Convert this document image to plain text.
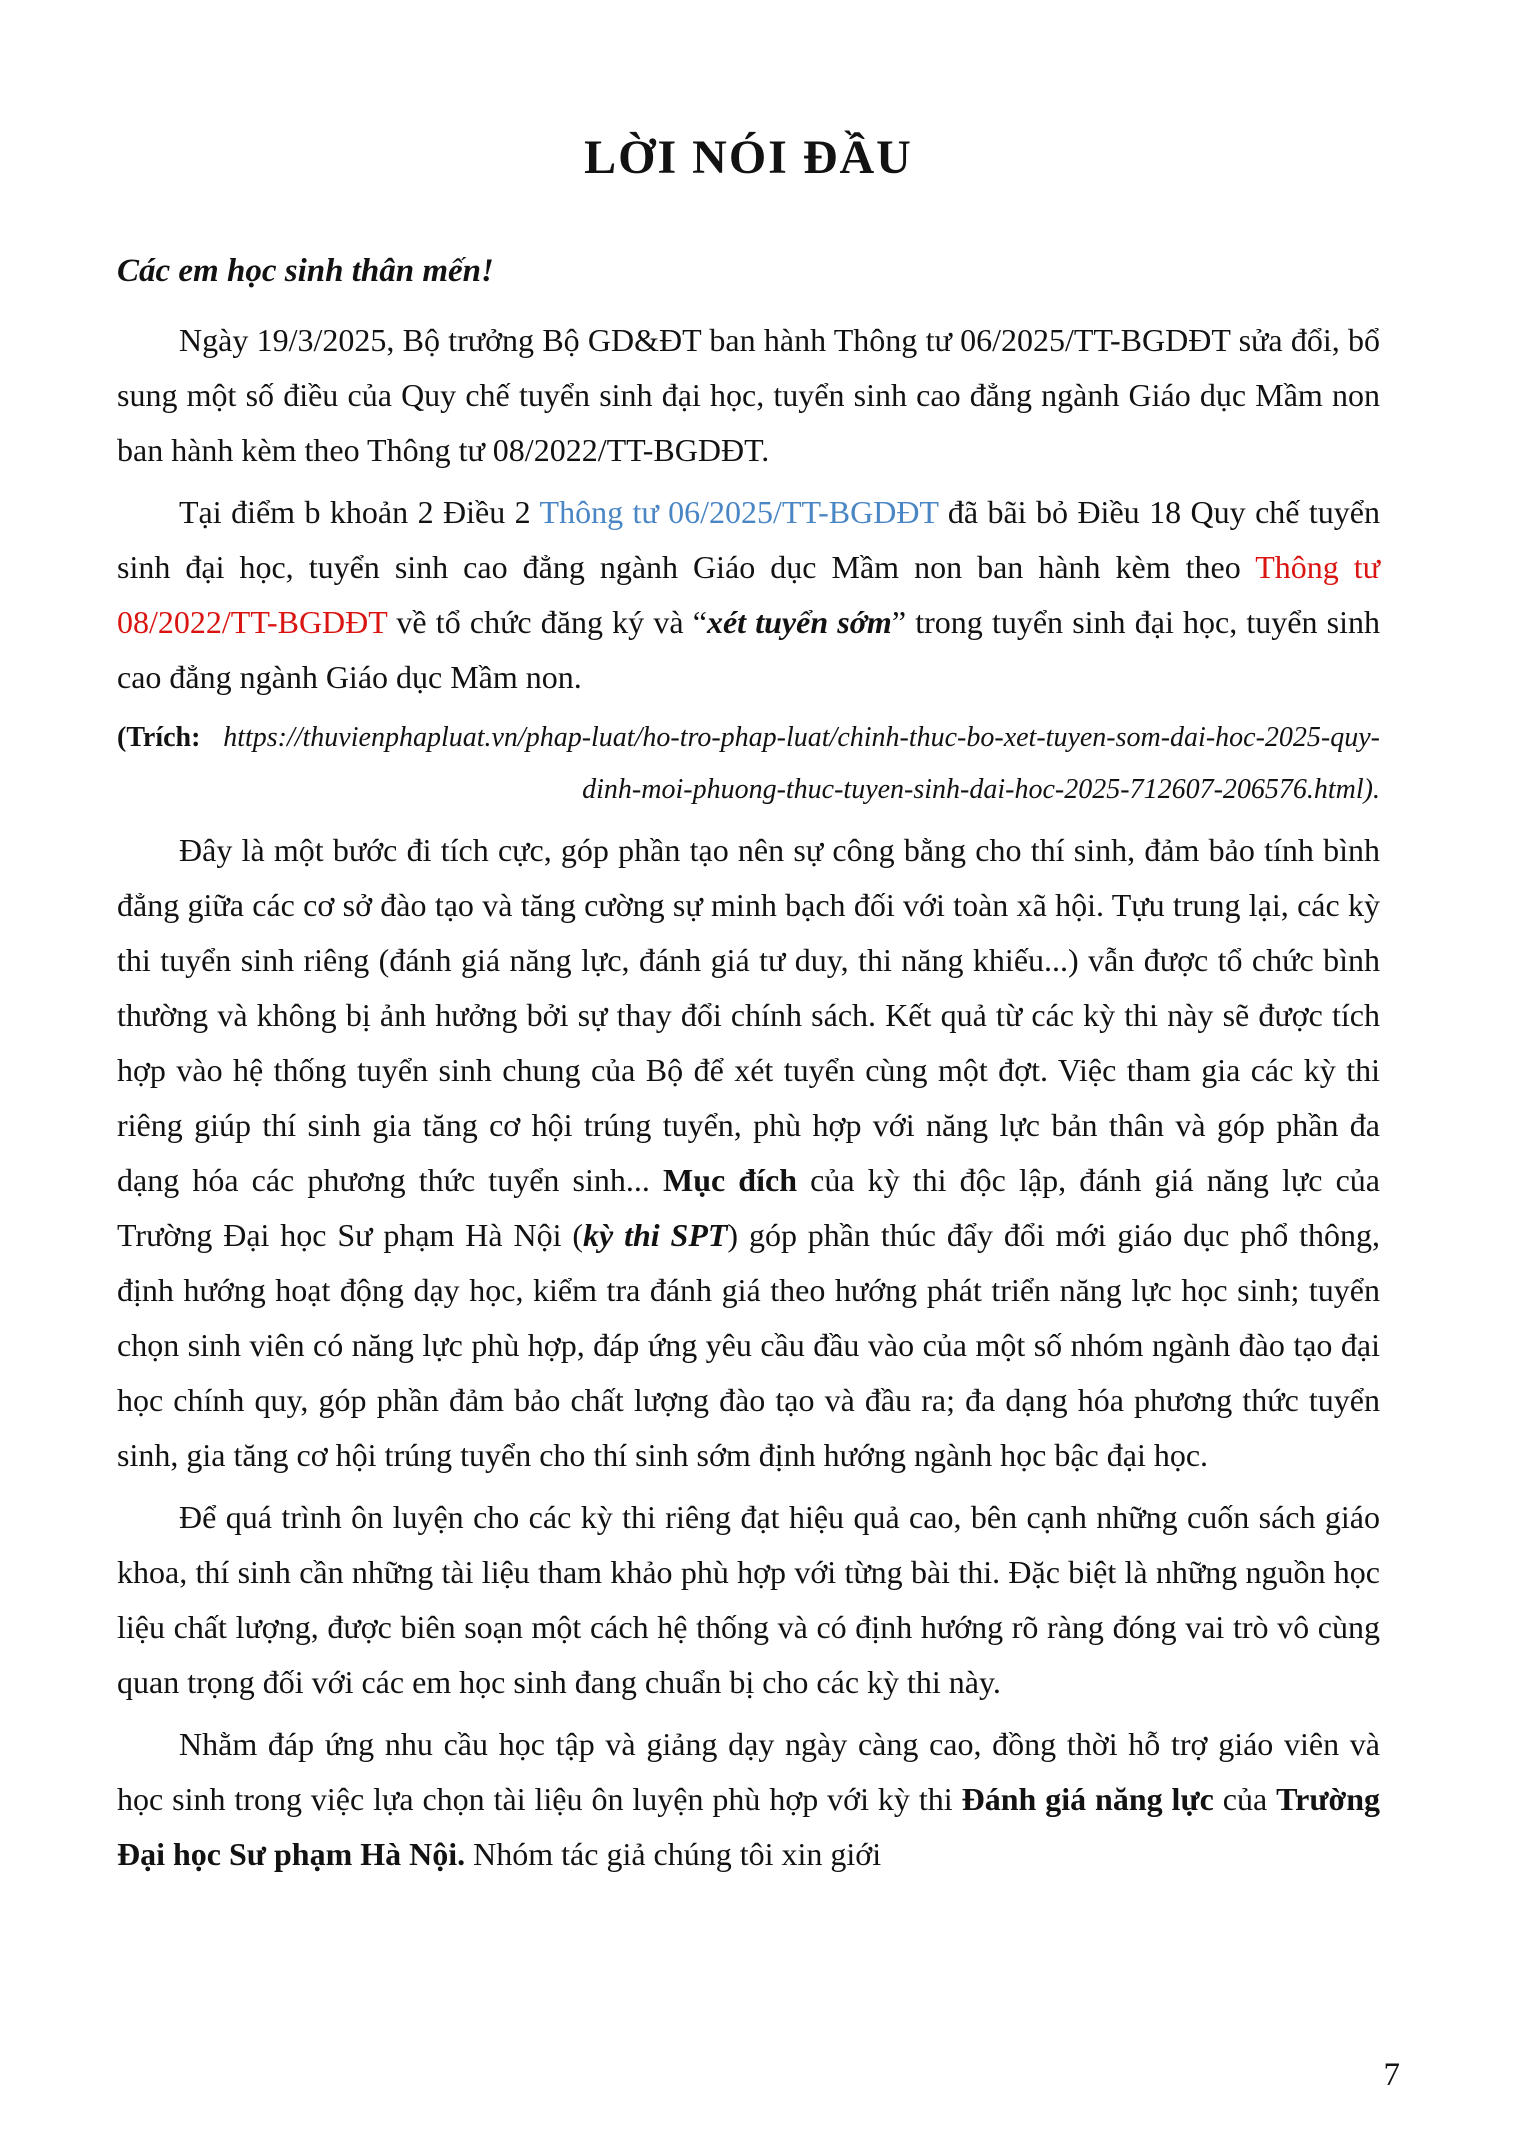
LỜI NÓI ĐẦU

Các em học sinh thân mến!

Ngày 19/3/2025, Bộ trưởng Bộ GD&ĐT ban hành Thông tư 06/2025/TT-BGDĐT sửa đổi, bổ sung một số điều của Quy chế tuyển sinh đại học, tuyển sinh cao đẳng ngành Giáo dục Mầm non ban hành kèm theo Thông tư 08/2022/TT-BGDĐT.

Tại điểm b khoản 2 Điều 2 Thông tư 06/2025/TT-BGDĐT đã bãi bỏ Điều 18 Quy chế tuyển sinh đại học, tuyển sinh cao đẳng ngành Giáo dục Mầm non ban hành kèm theo Thông tư 08/2022/TT-BGDĐT về tổ chức đăng ký và “xét tuyển sớm” trong tuyển sinh đại học, tuyển sinh cao đẳng ngành Giáo dục Mầm non.

(Trích: https://thuvienphapluat.vn/phap-luat/ho-tro-phap-luat/chinh-thuc-bo-xet-tuyen-som-dai-hoc-2025-quy-dinh-moi-phuong-thuc-tuyen-sinh-dai-hoc-2025-712607-206576.html).

Đây là một bước đi tích cực, góp phần tạo nên sự công bằng cho thí sinh, đảm bảo tính bình đẳng giữa các cơ sở đào tạo và tăng cường sự minh bạch đối với toàn xã hội. Tựu trung lại, các kỳ thi tuyển sinh riêng (đánh giá năng lực, đánh giá tư duy, thi năng khiếu...) vẫn được tổ chức bình thường và không bị ảnh hưởng bởi sự thay đổi chính sách. Kết quả từ các kỳ thi này sẽ được tích hợp vào hệ thống tuyển sinh chung của Bộ để xét tuyển cùng một đợt. Việc tham gia các kỳ thi riêng giúp thí sinh gia tăng cơ hội trúng tuyển, phù hợp với năng lực bản thân và góp phần đa dạng hóa các phương thức tuyển sinh... Mục đích của kỳ thi độc lập, đánh giá năng lực của Trường Đại học Sư phạm Hà Nội (kỳ thi SPT) góp phần thúc đẩy đổi mới giáo dục phổ thông, định hướng hoạt động dạy học, kiểm tra đánh giá theo hướng phát triển năng lực học sinh; tuyển chọn sinh viên có năng lực phù hợp, đáp ứng yêu cầu đầu vào của một số nhóm ngành đào tạo đại học chính quy, góp phần đảm bảo chất lượng đào tạo và đầu ra; đa dạng hóa phương thức tuyển sinh, gia tăng cơ hội trúng tuyển cho thí sinh sớm định hướng ngành học bậc đại học.

Để quá trình ôn luyện cho các kỳ thi riêng đạt hiệu quả cao, bên cạnh những cuốn sách giáo khoa, thí sinh cần những tài liệu tham khảo phù hợp với từng bài thi. Đặc biệt là những nguồn học liệu chất lượng, được biên soạn một cách hệ thống và có định hướng rõ ràng đóng vai trò vô cùng quan trọng đối với các em học sinh đang chuẩn bị cho các kỳ thi này.

Nhằm đáp ứng nhu cầu học tập và giảng dạy ngày càng cao, đồng thời hỗ trợ giáo viên và học sinh trong việc lựa chọn tài liệu ôn luyện phù hợp với kỳ thi Đánh giá năng lực của Trường Đại học Sư phạm Hà Nội. Nhóm tác giả chúng tôi xin giới

7
